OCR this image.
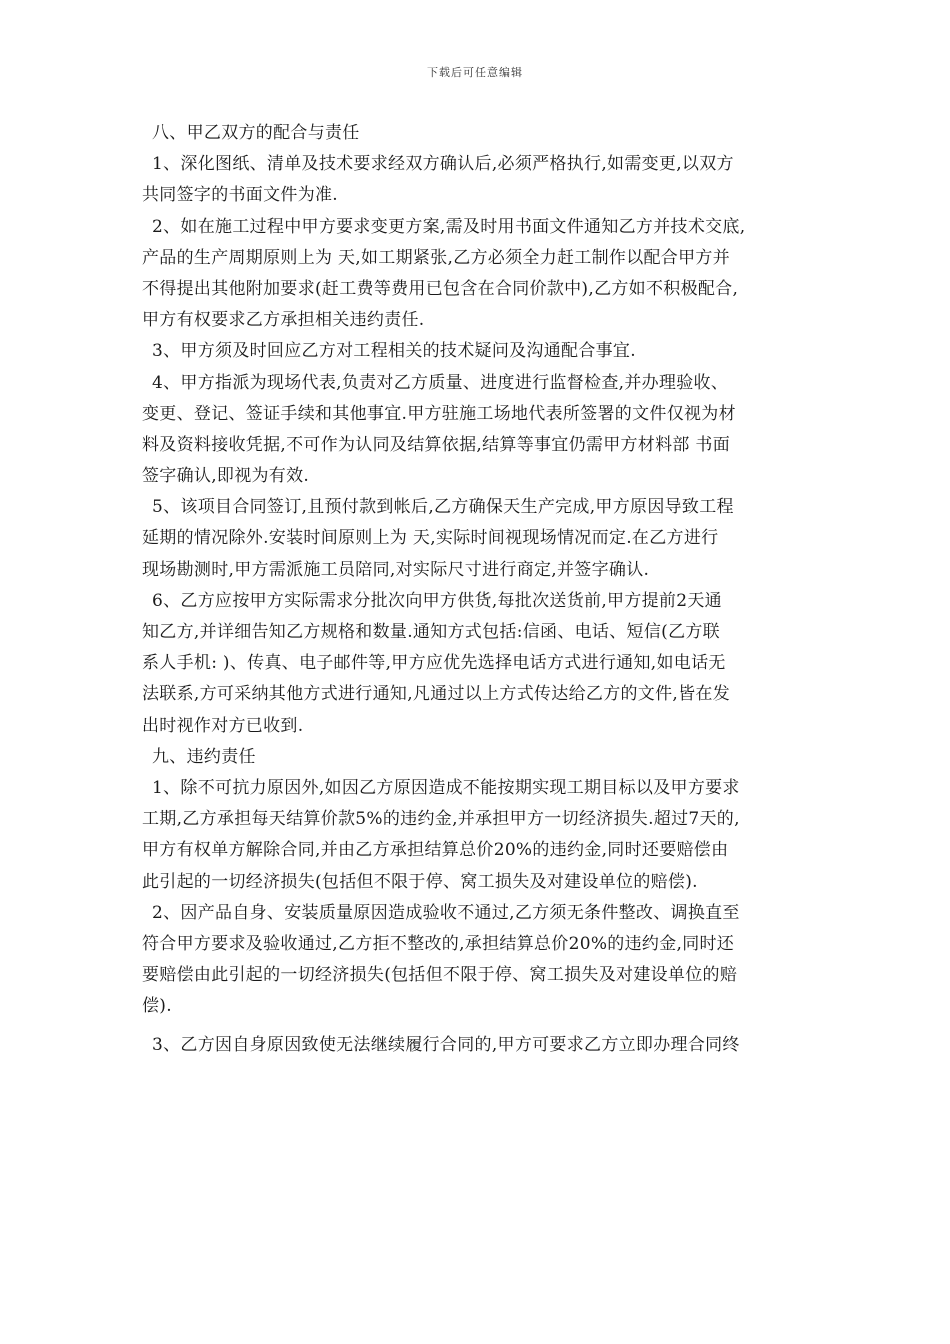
下载后可任意编辑
八、甲乙双方的配合与责任
1、深化图纸、清单及技术要求经双方确认后,必须严格执行,如需变更,以双方
共同签字的书面文件为准.
2、如在施工过程中甲方要求变更方案,需及时用书面文件通知乙方并技术交底,
产品的生产周期原则上为 天,如工期紧张,乙方必须全力赶工制作以配合甲方并
不得提出其他附加要求(赶工费等费用已包含在合同价款中),乙方如不积极配合,
甲方有权要求乙方承担相关违约责任.
3、甲方须及时回应乙方对工程相关的技术疑问及沟通配合事宜.
4、甲方指派为现场代表,负责对乙方质量、进度进行监督检查,并办理验收、
变更、登记、签证手续和其他事宜.甲方驻施工场地代表所签署的文件仅视为材
料及资料接收凭据,不可作为认同及结算依据,结算等事宜仍需甲方材料部 书面
签字确认,即视为有效.
5、该项目合同签订,且预付款到帐后,乙方确保天生产完成,甲方原因导致工程
延期的情况除外.安装时间原则上为 天,实际时间视现场情况而定.在乙方进行
现场勘测时,甲方需派施工员陪同,对实际尺寸进行商定,并签字确认.
6、乙方应按甲方实际需求分批次向甲方供货,每批次送货前,甲方提前2天通
知乙方,并详细告知乙方规格和数量.通知方式包括:信函、电话、短信(乙方联
系人手机: )、传真、电子邮件等,甲方应优先选择电话方式进行通知,如电话无
法联系,方可采纳其他方式进行通知,凡通过以上方式传达给乙方的文件,皆在发
出时视作对方已收到.
九、违约责任
1、除不可抗力原因外,如因乙方原因造成不能按期实现工期目标以及甲方要求
工期,乙方承担每天结算价款5%的违约金,并承担甲方一切经济损失.超过7天的,
甲方有权单方解除合同,并由乙方承担结算总价20%的违约金,同时还要赔偿由
此引起的一切经济损失(包括但不限于停、窝工损失及对建设单位的赔偿).
2、因产品自身、安装质量原因造成验收不通过,乙方须无条件整改、调换直至
符合甲方要求及验收通过,乙方拒不整改的,承担结算总价20%的违约金,同时还
要赔偿由此引起的一切经济损失(包括但不限于停、窝工损失及对建设单位的赔
偿).
3、乙方因自身原因致使无法继续履行合同的,甲方可要求乙方立即办理合同终
